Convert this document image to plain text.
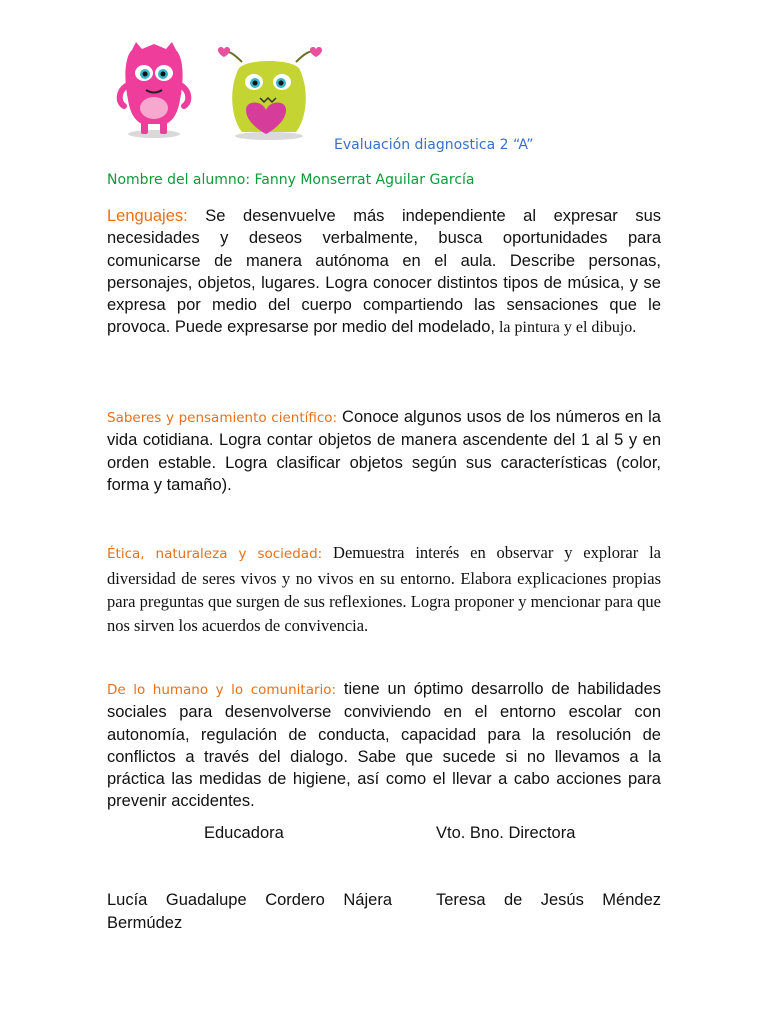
Evaluación diagnostica 2 “A”
Nombre del alumno: Fanny Monserrat Aguilar García
Lenguajes: Se desenvuelve más independiente al expresar sus necesidades y deseos verbalmente, busca oportunidades para comunicarse de manera autónoma en el aula. Describe personas, personajes, objetos, lugares. Logra conocer distintos tipos de música, y se expresa por medio del cuerpo compartiendo las sensaciones que le provoca. Puede expresarse por medio del modelado, la pintura y el dibujo.
Saberes y pensamiento científico: Conoce algunos usos de los números en la vida cotidiana. Logra contar objetos de manera ascendente del 1 al 5 y en orden estable. Logra clasificar objetos según sus características (color, forma y tamaño).
Ética, naturaleza y sociedad: Demuestra interés en observar y explorar la diversidad de seres vivos y no vivos en su entorno. Elabora explicaciones propias para preguntas que surgen de sus reflexiones. Logra proponer y mencionar para que nos sirven los acuerdos de convivencia.
De lo humano y lo comunitario: tiene un óptimo desarrollo de habilidades sociales para desenvolverse conviviendo en el entorno escolar con autonomía, regulación de conducta, capacidad para la resolución de conflictos a través del dialogo. Sabe que sucede si no llevamos a la práctica las medidas de higiene, así como el llevar a cabo acciones para prevenir accidentes.
Educadora	Vto. Bno. Directora
Lucía Guadalupe Cordero Nájera
Bermúdez
Teresa de Jesús Méndez
